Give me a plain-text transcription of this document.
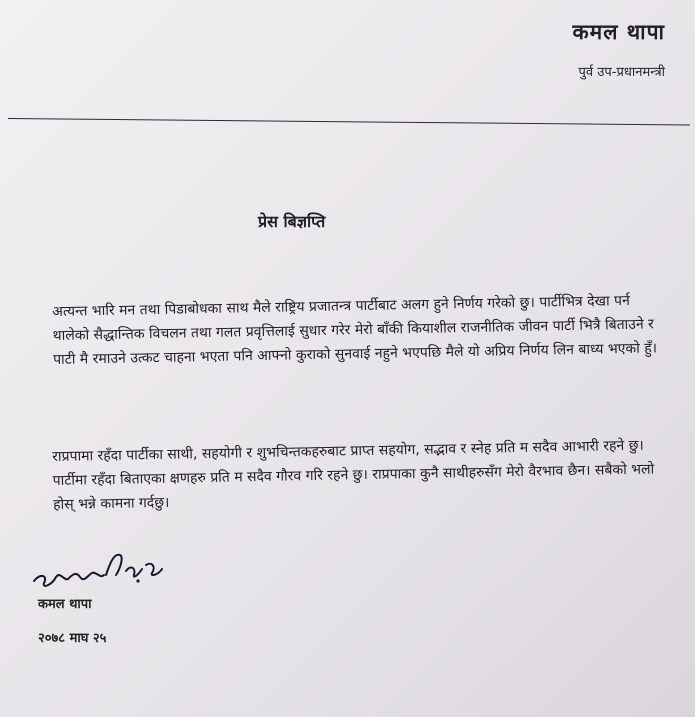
कमल थापा
पुर्व उप-प्रधानमन्त्री
प्रेस बिज्ञप्ति

अत्यन्त भारि मन तथा पिडाबोधका साथ मैले राष्ट्रिय प्रजातन्त्र पार्टीबाट अलग हुने निर्णय गरेको छु। पार्टीभित्र देखा पर्न थालेको सैद्धान्तिक विचलन तथा गलत प्रवृत्तिलाई सुधार गरेर मेरो बाँकी कियाशील राजनीतिक जीवन पार्टी भित्रै बिताउने र पाटी मै रमाउने उत्कट चाहना भएता पनि आफ्नो कुराको सुनवाई नहुने भएपछि मैले यो अप्रिय निर्णय लिन बाध्य भएको हुँ।

राप्रपामा रहँदा पार्टीका साथी, सहयोगी र शुभचिन्तकहरुबाट प्राप्त सहयोग, सद्भाव र स्नेह प्रति म सदैव आभारी रहने छु। पार्टीमा रहँदा बिताएका क्षणहरु प्रति म सदैव गौरव गरि रहने छु। राप्रपाका कुनै साथीहरुसँग मेरो वैरभाव छैन। सबैको भलो होस् भन्ने कामना गर्दछु।

कमल थापा
२०७८ माघ २५
